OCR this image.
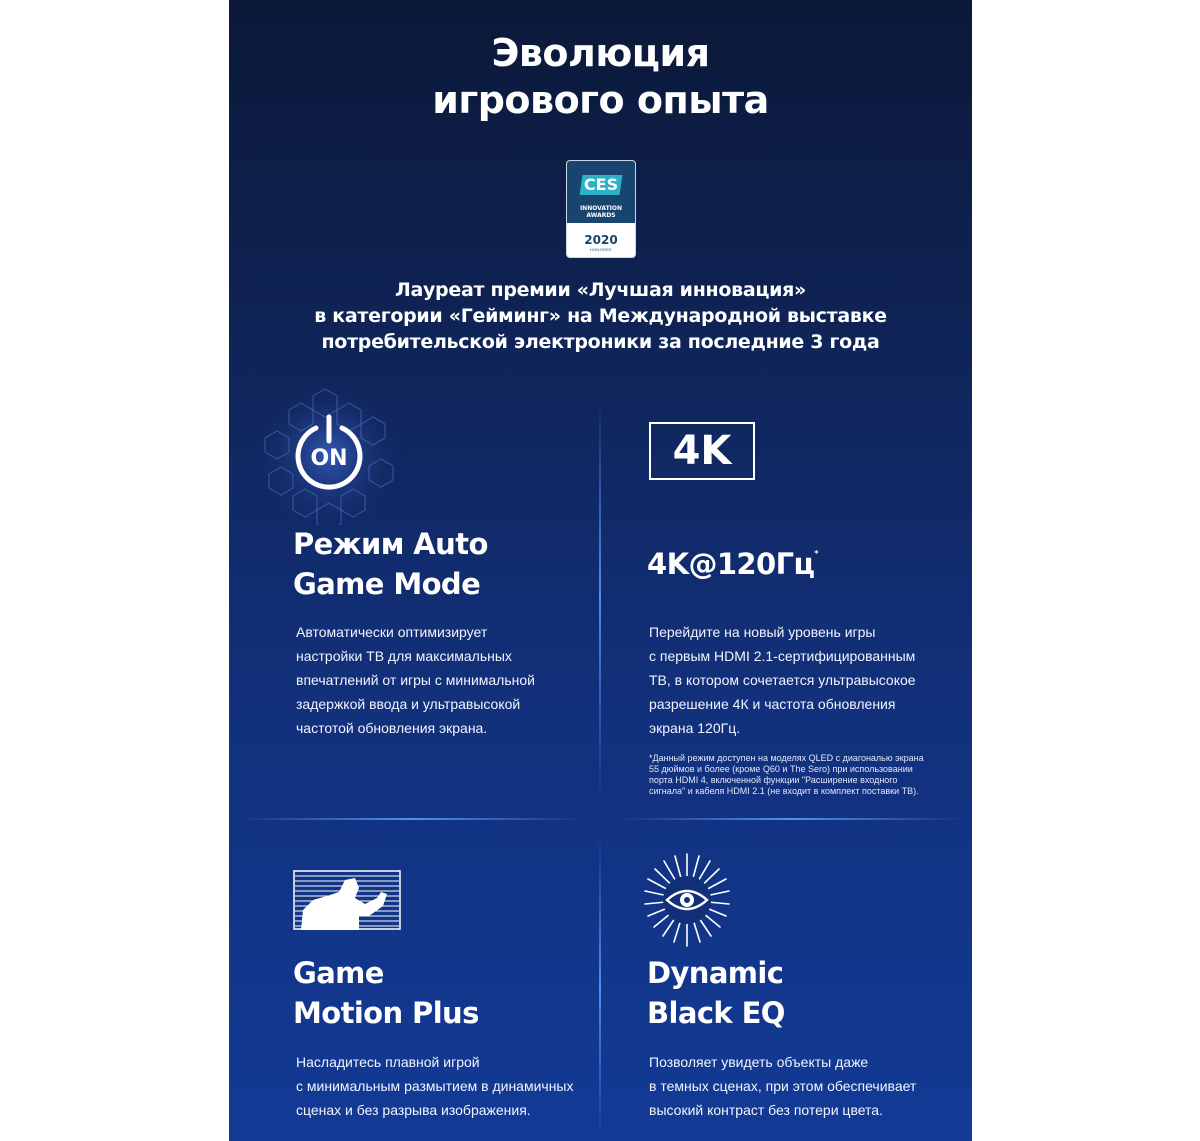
Эволюция
игрового опыта
CES
INNOVATION
AWARDS
2020
HONOREE

Лауреат премии «Лучшая инновация»

в категории «Гейминг» на Международной выставке

потребительской электроники за последние 3 года

ON
Режим Auto
Game Mode
Автоматически оптимизирует
настройки ТВ для максимальных
впечатлений от игры с минимальной
задержкой ввода и ультравысокой
частотой обновления экрана.
4K
4K@120Гц*
Перейдите на новый уровень игры
с первым HDMI 2.1-сертифицированным
ТВ, в котором сочетается ультравысокое
разрешение 4К и частота обновления
экрана 120Гц.
*Данный режим доступен на моделях QLED с диагональю экрана
55 дюймов и более (кроме Q60 и The Sero) при использовании
порта HDMI 4, включенной функции "Расширение входного
сигнала" и кабеля HDMI 2.1 (не входит в комплект поставки ТВ).
Game
Motion Plus
Насладитесь плавной игрой
с минимальным размытием в динамичных
сценах и без разрыва изображения.
Dynamic
Black EQ
Позволяет увидеть объекты даже
в темных сценах, при этом обеспечивает
высокий контраст без потери цвета.
